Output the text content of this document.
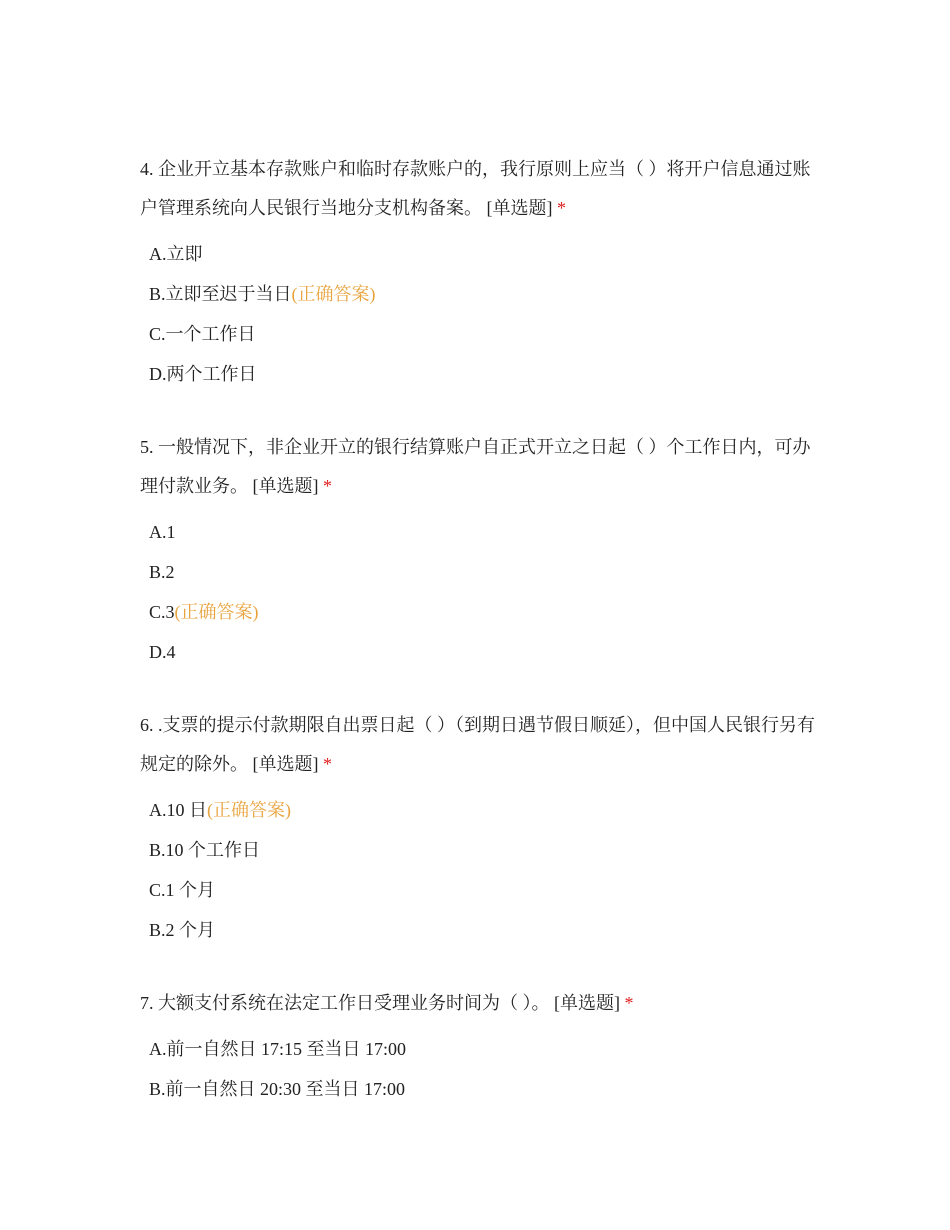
4. 企业开立基本存款账户和临时存款账户的，我行原则上应当（ ）将开户信息通过账户管理系统向人民银行当地分支机构备案。 [单选题] *

A.立即
B.立即至迟于当日(正确答案)
C.一个工作日
D.两个工作日

5. 一般情况下，非企业开立的银行结算账户自正式开立之日起（ ）个工作日内，可办理付款业务。 [单选题] *

A.1
B.2
C.3(正确答案)
D.4

6. .支票的提示付款期限自出票日起（ ）（到期日遇节假日顺延），但中国人民银行另有规定的除外。 [单选题] *

A.10 日(正确答案)
B.10 个工作日
C.1 个月
B.2 个月

7. 大额支付系统在法定工作日受理业务时间为（ ）。 [单选题] *

A.前一自然日 17:15 至当日 17:00
B.前一自然日 20:30 至当日 17:00
